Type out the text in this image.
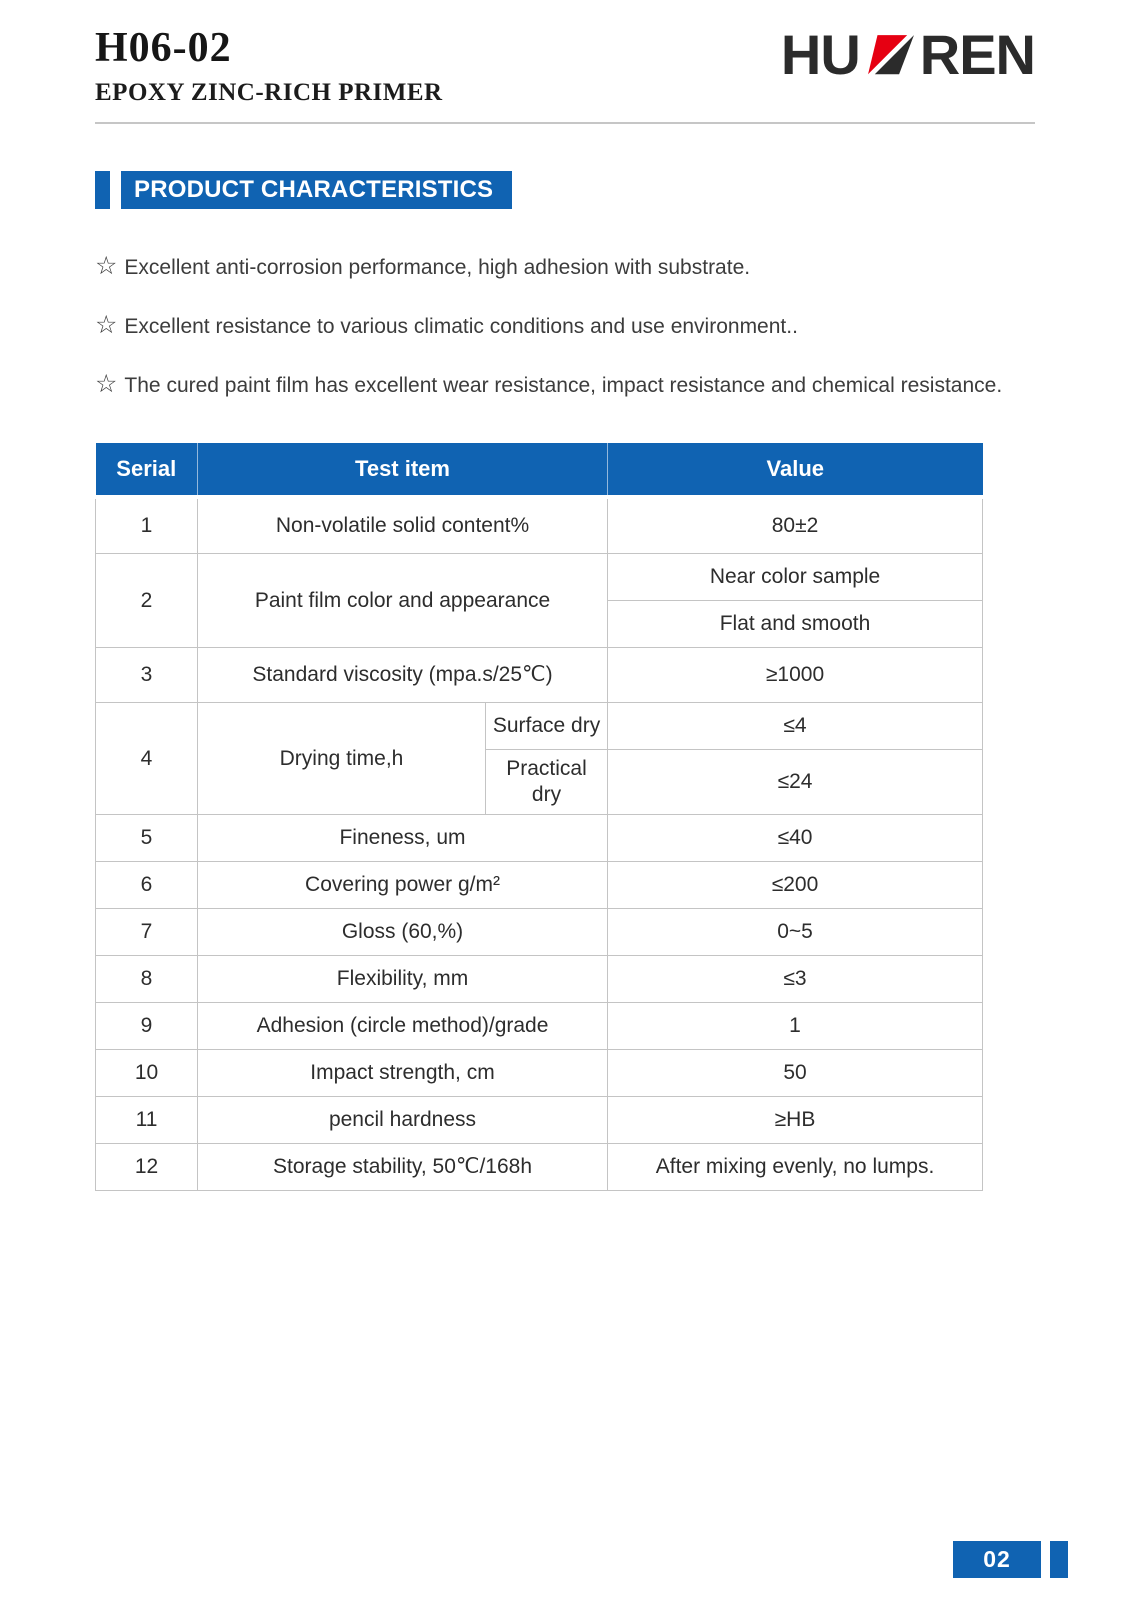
H06-02
EPOXY ZINC-RICH PRIMER
HU REN
PRODUCT CHARACTERISTICS
☆ Excellent anti-corrosion performance, high adhesion with substrate.
☆ Excellent resistance to various climatic conditions and use environment..
☆ The cured paint film has excellent wear resistance, impact resistance and chemical resistance.
Serial	Test item		Value
1	Non-volatile solid content%		80±2
2	Paint film color and appearance		Near color sample
			Flat and smooth
3	Standard viscosity (mpa.s/25℃)		≥1000
4	Drying time,h	Surface dry	≤4
		Practical dry	≤24
5	Fineness, um		≤40
6	Covering power g/m²		≤200
7	Gloss (60,%)		0~5
8	Flexibility, mm		≤3
9	Adhesion (circle method)/grade		1
10	Impact strength, cm		50
11	pencil hardness		≥HB
12	Storage stability, 50℃/168h		After mixing evenly, no lumps.
02
